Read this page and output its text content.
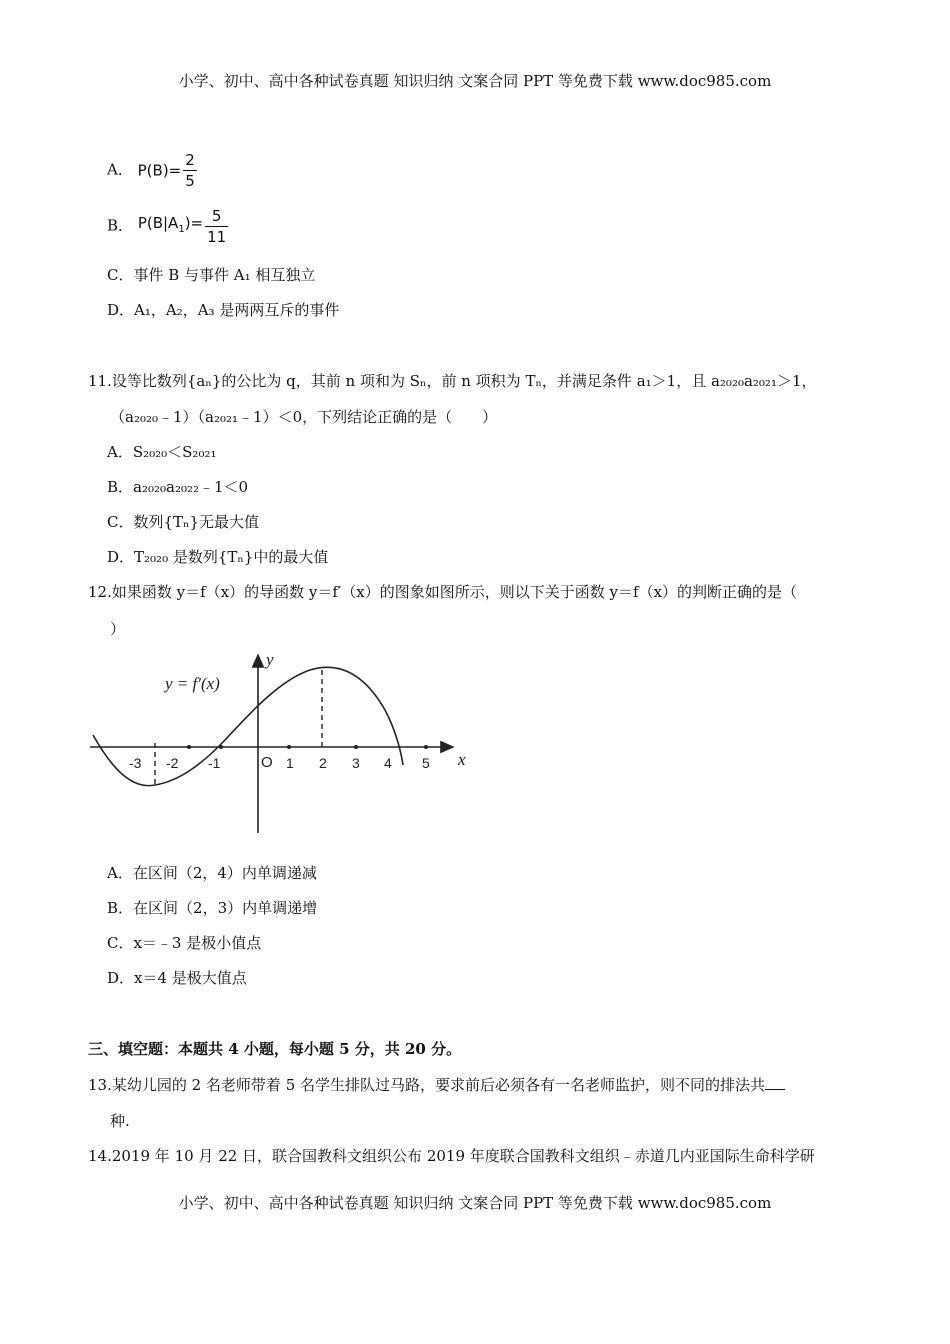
小学、初中、高中各种试卷真题 知识归纳 文案合同 PPT 等免费下载 www.doc985.com
A． $P(B)= \frac{2}{5}$
B． $P(B|A_1)= \frac{5}{11}$
C．事件 B 与事件 A₁ 相互独立
D．A₁，A₂，A₃ 是两两互斥的事件
11.设等比数列{aₙ}的公比为 q，其前 n 项和为 Sₙ，前 n 项积为 Tₙ，并满足条件 a₁＞1，且 a₂₀₂₀a₂₀₂₁＞1，
（a₂₀₂₀﹣1）（a₂₀₂₁﹣1）＜0，下列结论正确的是（　　）
A．S₂₀₂₀＜S₂₀₂₁
B．a₂₀₂₀a₂₀₂₂﹣1＜0
C．数列{Tₙ}无最大值
D．T₂₀₂₀ 是数列{Tₙ}中的最大值
12.如果函数 y＝f（x）的导函数 y＝f′（x）的图象如图所示，则以下关于函数 y＝f（x）的判断正确的是（
）
y = f′(x)
y
x
O
-3 -2 -1	1 2 3 4 5
A．在区间（2，4）内单调递减
B．在区间（2，3）内单调递增
C．x＝﹣3 是极小值点
D．x＝4 是极大值点
三、填空题：本题共 4 小题，每小题 5 分，共 20 分。
13.某幼儿园的 2 名老师带着 5 名学生排队过马路，要求前后必须各有一名老师监护，则不同的排法共
种.
14.2019 年 10 月 22 日，联合国教科文组织公布 2019 年度联合国教科文组织﹣赤道几内亚国际生命科学研
小学、初中、高中各种试卷真题 知识归纳 文案合同 PPT 等免费下载 www.doc985.com
